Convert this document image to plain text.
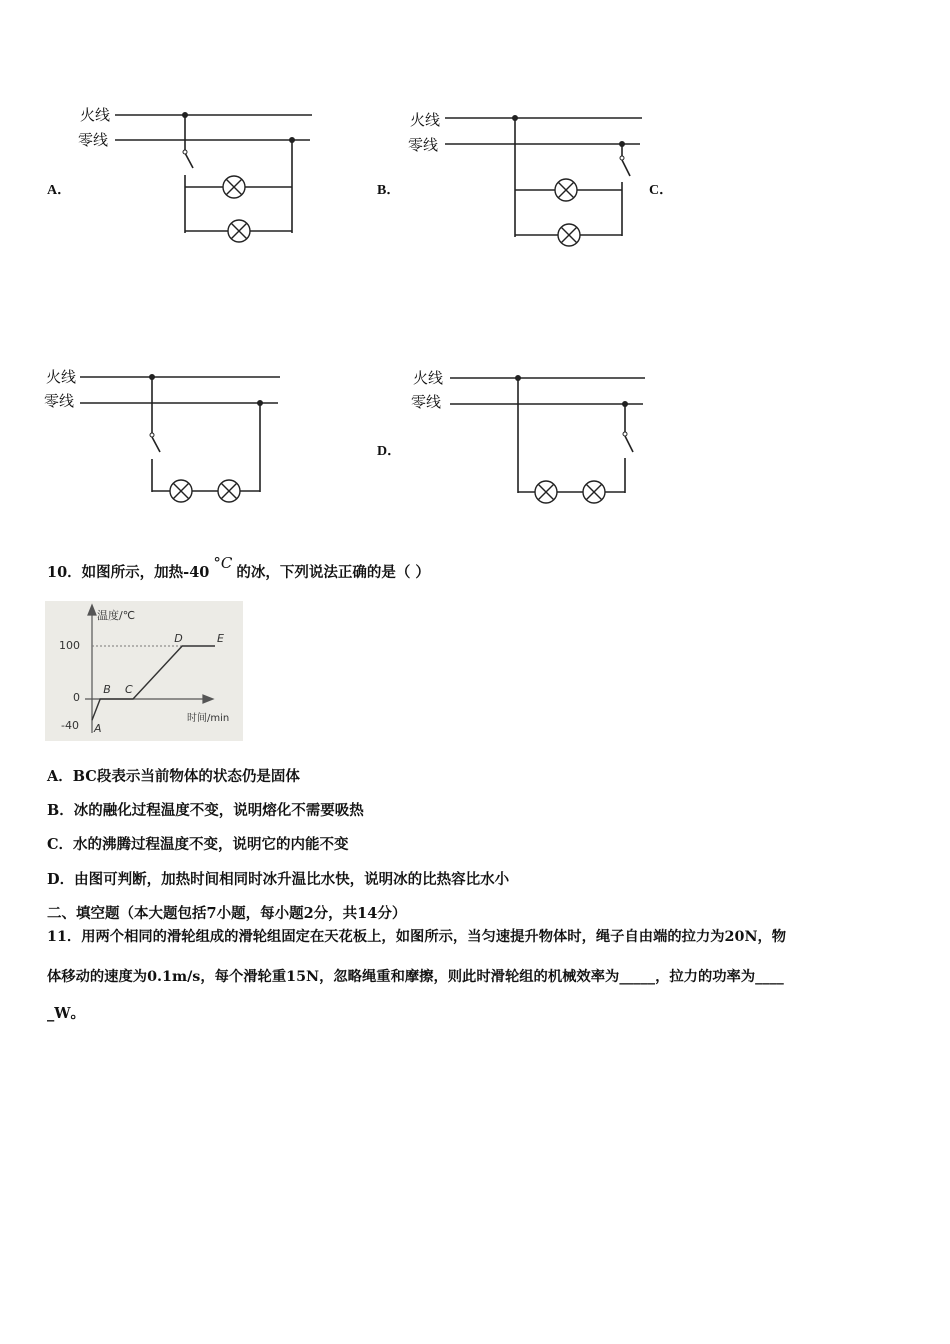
火线
零线
A．	B．
火线
零线
C．
火线
零线
D．
火线
零线
10．如图所示，加热-40°C的冰，下列说法正确的是（ ）
温度/℃
时间/min
100
0
-40 A
B C
D	E
A．BC段表示当前物体的状态仍是固体
B．冰的融化过程温度不变，说明熔化不需要吸热
C．水的沸腾过程温度不变，说明它的内能不变
D．由图可判断，加热时间相同时冰升温比水快，说明冰的比热容比水小
二、填空题（本大题包括7小题，每小题2分，共14分）
11．用两个相同的滑轮组成的滑轮组固定在天花板上，如图所示，当匀速提升物体时，绳子自由端的拉力为20N，物
体移动的速度为0.1m/s，每个滑轮重15N，忽略绳重和摩擦，则此时滑轮组的机械效率为_____，拉力的功率为____
_W。
